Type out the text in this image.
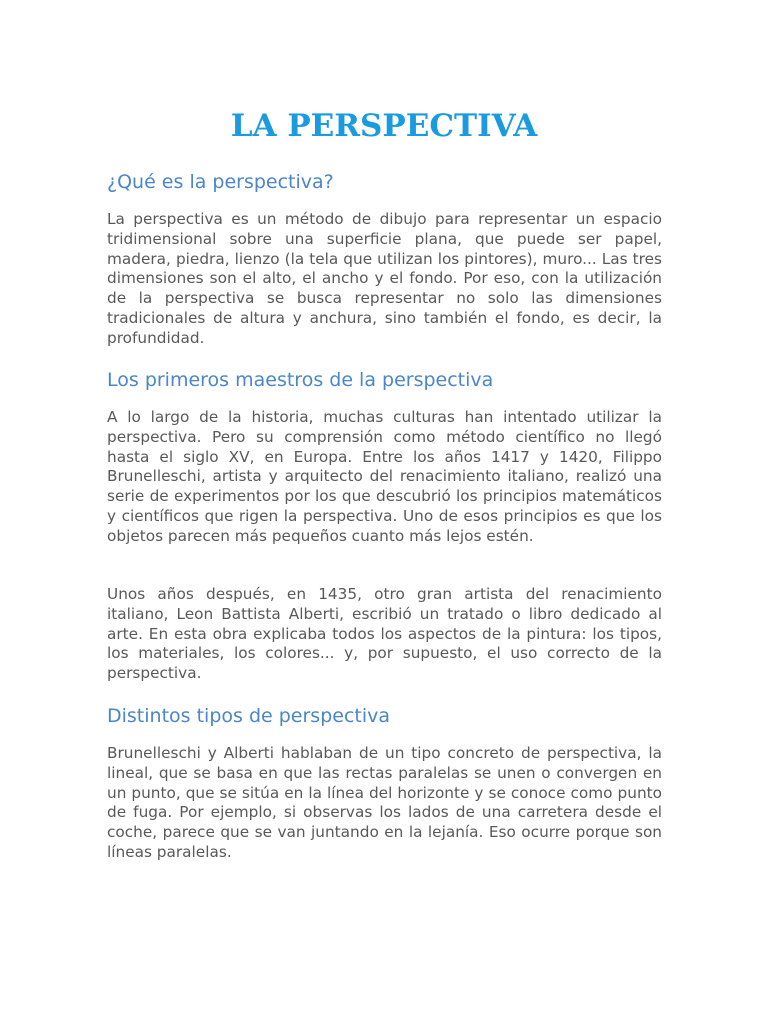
LA PERSPECTIVA
¿Qué es la perspectiva?

La perspectiva es un método de dibujo para representar un espacio tridimensional sobre una superficie plana, que puede ser papel, madera, piedra, lienzo (la tela que utilizan los pintores), muro... Las tres dimensiones son el alto, el ancho y el fondo. Por eso, con la utilización de la perspectiva se busca representar no solo las dimensiones tradicionales de altura y anchura, sino también el fondo, es decir, la profundidad.

Los primeros maestros de la perspectiva

A lo largo de la historia, muchas culturas han intentado utilizar la perspectiva. Pero su comprensión como método científico no llegó hasta el siglo XV, en Europa. Entre los años 1417 y 1420, Filippo Brunelleschi, artista y arquitecto del renacimiento italiano, realizó una serie de experimentos por los que descubrió los principios matemáticos y científicos que rigen la perspectiva. Uno de esos principios es que los objetos parecen más pequeños cuanto más lejos estén.

Unos años después, en 1435, otro gran artista del renacimiento italiano, Leon Battista Alberti, escribió un tratado o libro dedicado al arte. En esta obra explicaba todos los aspectos de la pintura: los tipos, los materiales, los colores... y, por supuesto, el uso correcto de la perspectiva.

Distintos tipos de perspectiva

Brunelleschi y Alberti hablaban de un tipo concreto de perspectiva, la lineal, que se basa en que las rectas paralelas se unen o convergen en un punto, que se sitúa en la línea del horizonte y se conoce como punto de fuga. Por ejemplo, si observas los lados de una carretera desde el coche, parece que se van juntando en la lejanía. Eso ocurre porque son líneas paralelas.
